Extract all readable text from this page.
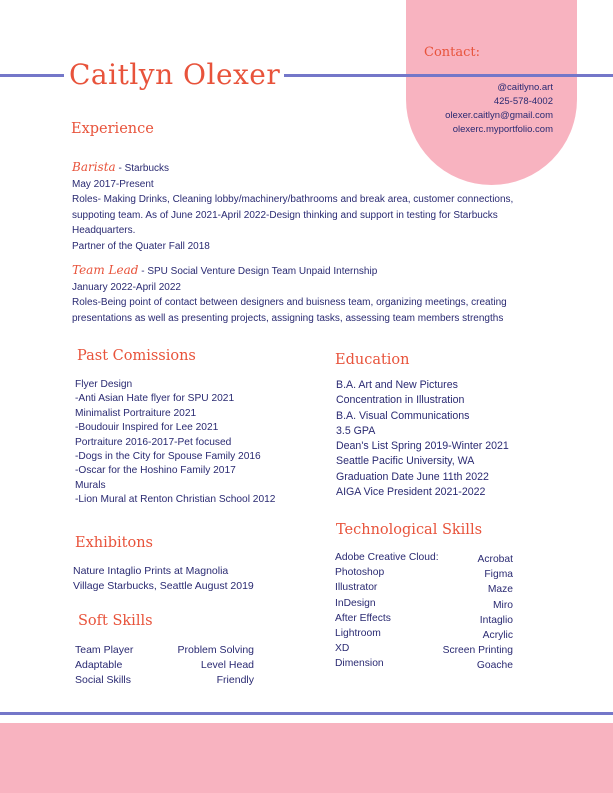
Caitlyn Olexer
Contact:
@caitlyno.art
425-578-4002
olexer.caitlyn@gmail.com
olexerc.myportfolio.com
Experience
Barista - Starbucks
May 2017-Present
Roles- Making Drinks, Cleaning lobby/machinery/bathrooms and break area, customer connections, suppoting team. As of June 2021-April 2022-Design thinking and support in testing for Starbucks Headquarters.
Partner of the Quater Fall 2018
Team Lead - SPU Social Venture Design Team Unpaid Internship
January 2022-April 2022
Roles-Being point of contact between designers and buisness team, organizing meetings, creating presentations as well as presenting projects, assigning tasks, assessing team members strengths
Past Comissions
Flyer Design
-Anti Asian Hate flyer for SPU 2021
Minimalist Portraiture 2021
-Boudouir Inspired for Lee 2021
Portraiture 2016-2017-Pet focused
-Dogs in the City for Spouse Family 2016
-Oscar for the Hoshino Family 2017
Murals
-Lion Mural at Renton Christian School 2012
Exhibitons
Nature Intaglio Prints at Magnolia
Village Starbucks, Seattle August 2019
Soft Skills
Team Player
Adaptable
Social Skills
Problem Solving
Level Head
Friendly
Education
B.A. Art and New Pictures
Concentration in Illustration
B.A. Visual Communications
3.5 GPA
Dean's List Spring 2019-Winter 2021
Seattle Pacific University, WA
Graduation Date June 11th 2022
AIGA Vice President 2021-2022
Technological Skills
Adobe Creative Cloud:
Photoshop
Illustrator
InDesign
After Effects
Lightroom
XD
Dimension
Acrobat
Figma
Maze
Miro
Intaglio
Acrylic
Screen Printing
Goache
